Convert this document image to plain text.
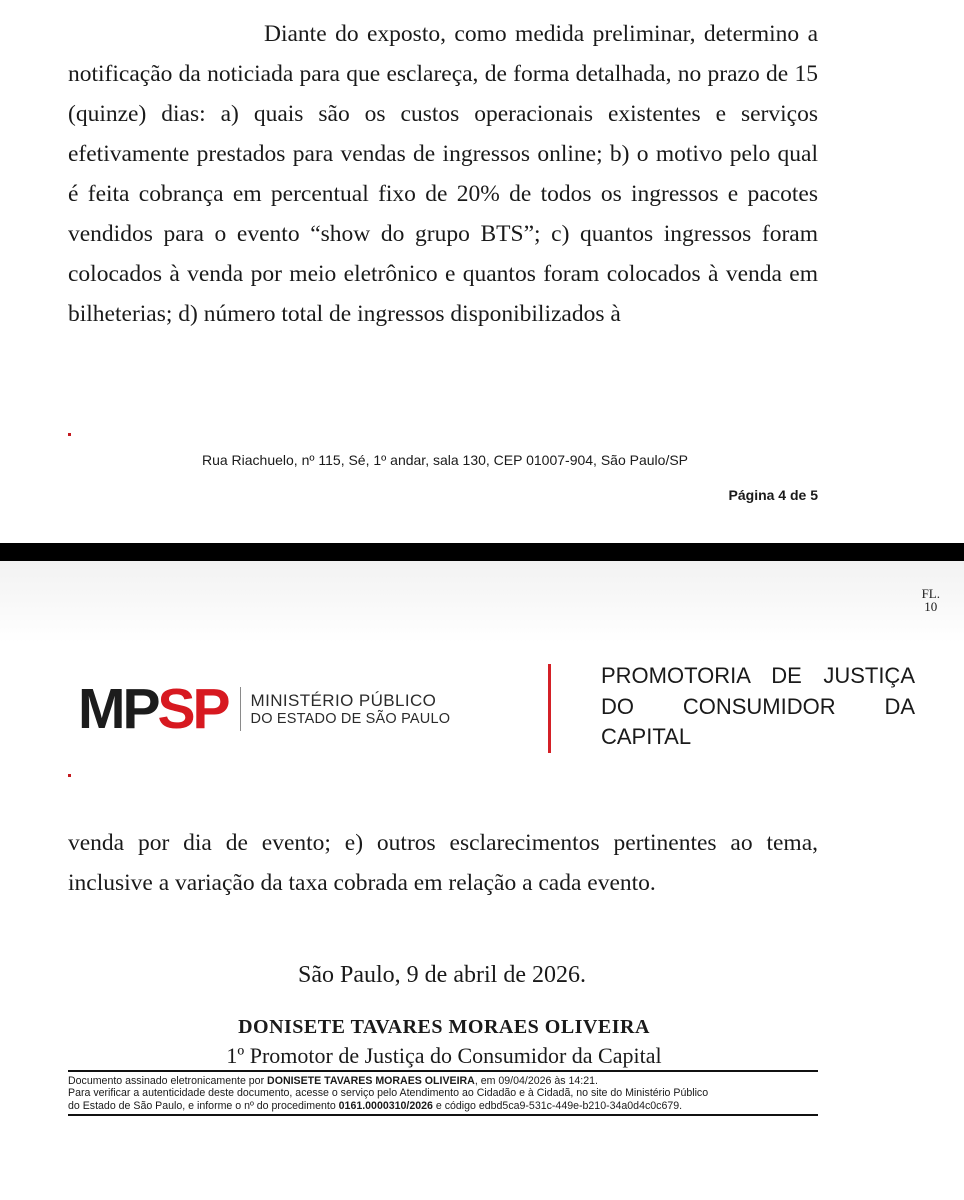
Diante do exposto, como medida preliminar, determino a notificação da noticiada para que esclareça, de forma detalhada, no prazo de 15 (quinze) dias: a) quais são os custos operacionais existentes e serviços efetivamente prestados para vendas de ingressos online; b) o motivo pelo qual é feita cobrança em percentual fixo de 20% de todos os ingressos e pacotes vendidos para o evento “show do grupo BTS”; c) quantos ingressos foram colocados à venda por meio eletrônico e quantos foram colocados à venda em bilheterias; d) número total de ingressos disponibilizados à
Rua Riachuelo, nº 115, Sé, 1º andar, sala 130, CEP 01007-904, São Paulo/SP
Página 4 de 5
FL.
10
MPSP MINISTÉRIO PÚBLICO
DO ESTADO DE SÃO PAULO
PROMOTORIA DE JUSTIÇA
DO CONSUMIDOR DA
CAPITAL
venda por dia de evento; e) outros esclarecimentos pertinentes ao tema, inclusive a variação da taxa cobrada em relação a cada evento.
São Paulo, 9 de abril de 2026.
DONISETE TAVARES MORAES OLIVEIRA
1º Promotor de Justiça do Consumidor da Capital
Documento assinado eletronicamente por DONISETE TAVARES MORAES OLIVEIRA, em 09/04/2026 às 14:21.
Para verificar a autenticidade deste documento, acesse o serviço pelo Atendimento ao Cidadão e à Cidadã, no site do Ministério Público
do Estado de São Paulo, e informe o nº do procedimento 0161.0000310/2026 e código edbd5ca9-531c-449e-b210-34a0d4c0c679.
